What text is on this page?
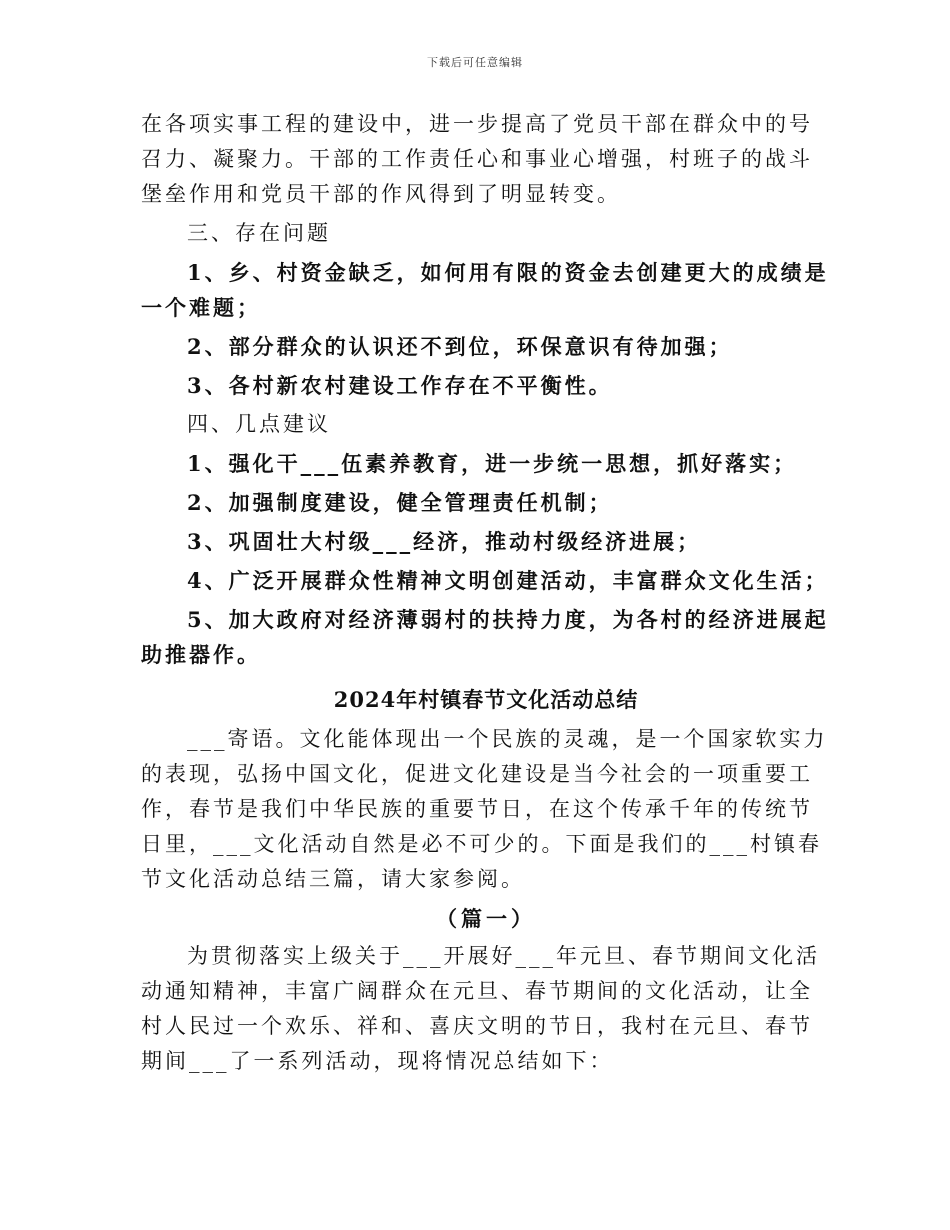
下载后可任意编辑

在各项实事工程的建设中，进一步提高了党员干部在群众中的号召力、凝聚力。干部的工作责任心和事业心增强，村班子的战斗堡垒作用和党员干部的作风得到了明显转变。

三、存在问题

1、乡、村资金缺乏，如何用有限的资金去创建更大的成绩是一个难题；

2、部分群众的认识还不到位，环保意识有待加强；

3、各村新农村建设工作存在不平衡性。

四、几点建议

1、强化干___伍素养教育，进一步统一思想，抓好落实；

2、加强制度建设，健全管理责任机制；

3、巩固壮大村级___经济，推动村级经济进展；

4、广泛开展群众性精神文明创建活动，丰富群众文化生活；

5、加大政府对经济薄弱村的扶持力度，为各村的经济进展起助推器作。

2024年村镇春节文化活动总结

___寄语。文化能体现出一个民族的灵魂，是一个国家软实力的表现，弘扬中国文化，促进文化建设是当今社会的一项重要工作，春节是我们中华民族的重要节日，在这个传承千年的传统节日里，___文化活动自然是必不可少的。下面是我们的___村镇春节文化活动总结三篇，请大家参阅。

（篇一）

为贯彻落实上级关于___开展好___年元旦、春节期间文化活动通知精神，丰富广阔群众在元旦、春节期间的文化活动，让全村人民过一个欢乐、祥和、喜庆文明的节日，我村在元旦、春节期间___了一系列活动，现将情况总结如下：
